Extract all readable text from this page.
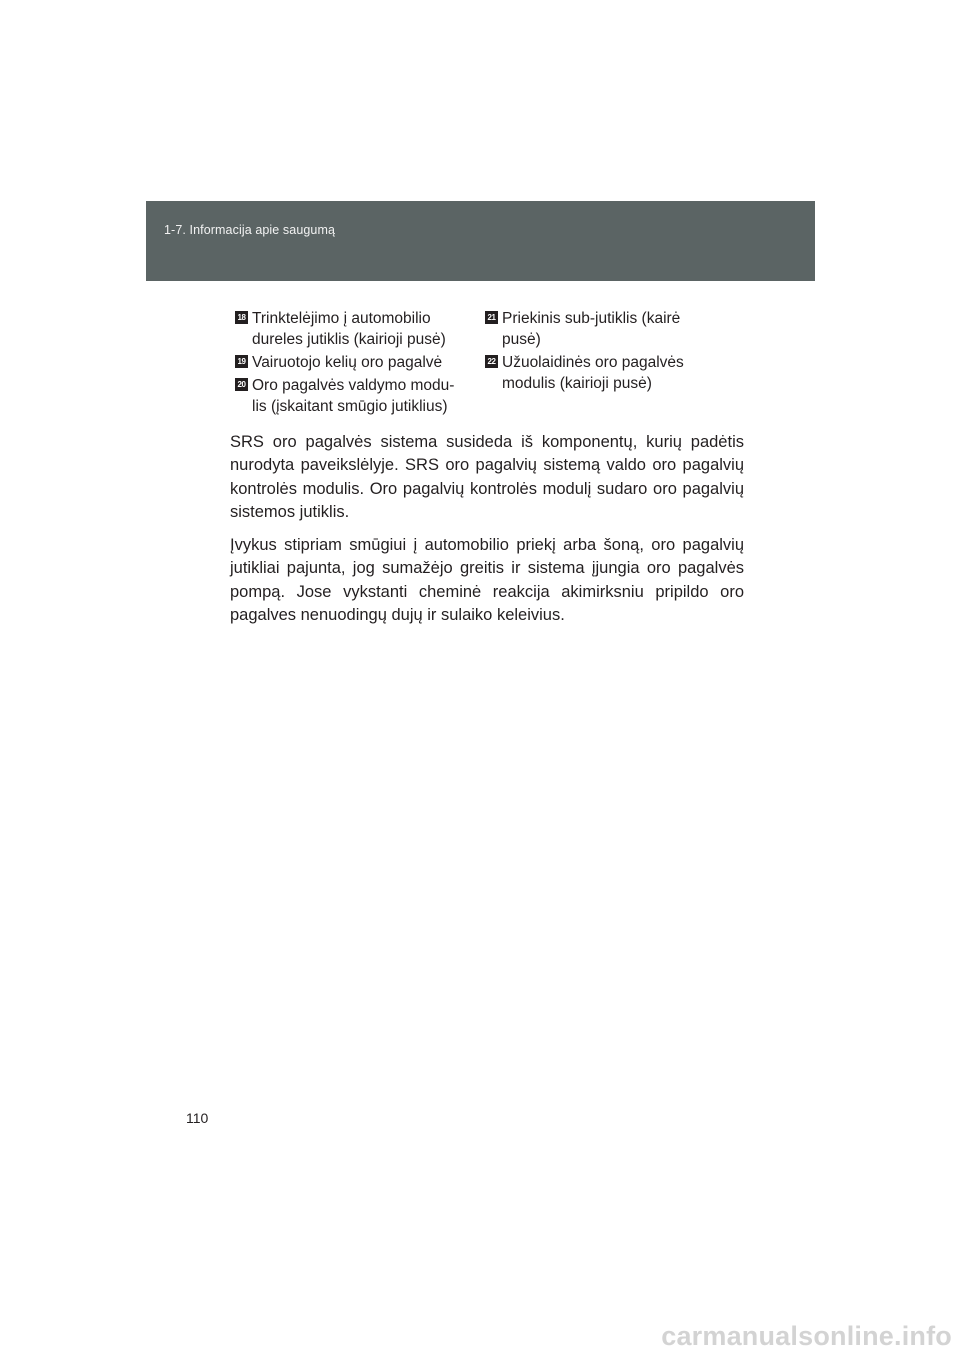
1-7. Informacija apie saugumą
18 Trinktelėjimo į automobilio
dureles jutiklis (kairioji pusė)
19 Vairuotojo kelių oro pagalvė
20 Oro pagalvės valdymo modu-
lis (įskaitant smūgio jutiklius)
21 Priekinis sub-jutiklis (kairė
pusė)
22 Užuolaidinės oro pagalvės
modulis (kairioji pusė)

SRS oro pagalvės sistema susideda iš komponentų, kurių padėtis nurodyta paveikslėlyje. SRS oro pagalvių sistemą valdo oro pagalvių kontrolės modulis. Oro pagalvių kontrolės modulį sudaro oro pagalvių sistemos jutiklis.

Įvykus stipriam smūgiui į automobilio priekį arba šoną, oro pagalvių jutikliai pajunta, jog sumažėjo greitis ir sistema įjungia oro pagalvės pompą. Jose vykstanti cheminė reakcija akimirksniu pripildo oro pagalves nenuodingų dujų ir sulaiko keleivius.

110
carmanualsonline.info
